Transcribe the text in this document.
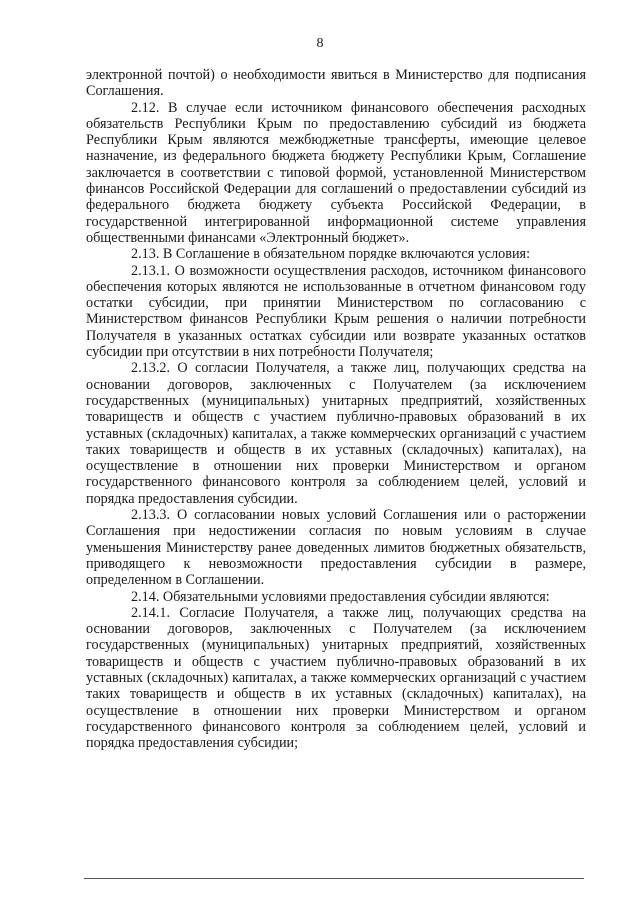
8

электронной почтой) о необходимости явиться в Министерство для подписания Соглашения.

2.12. В случае если источником финансового обеспечения расходных обязательств Республики Крым по предоставлению субсидий из бюджета Республики Крым являются межбюджетные трансферты, имеющие целевое назначение, из федерального бюджета бюджету Республики Крым, Соглашение заключается в соответствии с типовой формой, установленной Министерством финансов Российской Федерации для соглашений о предоставлении субсидий из федерального бюджета бюджету субъекта Российской Федерации, в государственной интегрированной информационной системе управления общественными финансами «Электронный бюджет».

2.13. В Соглашение в обязательном порядке включаются условия:

2.13.1. О возможности осуществления расходов, источником финансового обеспечения которых являются не использованные в отчетном финансовом году остатки субсидии, при принятии Министерством по согласованию с Министерством финансов Республики Крым решения о наличии потребности Получателя в указанных остатках субсидии или возврате указанных остатков субсидии при отсутствии в них потребности Получателя;

2.13.2. О согласии Получателя, а также лиц, получающих средства на основании договоров, заключенных с Получателем (за исключением государственных (муниципальных) унитарных предприятий, хозяйственных товариществ и обществ с участием публично-правовых образований в их уставных (складочных) капиталах, а также коммерческих организаций с участием таких товариществ и обществ в их уставных (складочных) капиталах), на осуществление в отношении них проверки Министерством и органом государственного финансового контроля за соблюдением целей, условий и порядка предоставления субсидии.

2.13.3. О согласовании новых условий Соглашения или о расторжении Соглашения при недостижении согласия по новым условиям в случае уменьшения Министерству ранее доведенных лимитов бюджетных обязательств, приводящего к невозможности предоставления субсидии в размере, определенном в Соглашении.

2.14. Обязательными условиями предоставления субсидии являются:

2.14.1. Согласие Получателя, а также лиц, получающих средства на основании договоров, заключенных с Получателем (за исключением государственных (муниципальных) унитарных предприятий, хозяйственных товариществ и обществ с участием публично-правовых образований в их уставных (складочных) капиталах, а также коммерческих организаций с участием таких товариществ и обществ в их уставных (складочных) капиталах), на осуществление в отношении них проверки Министерством и органом государственного финансового контроля за соблюдением целей, условий и порядка предоставления субсидии;
